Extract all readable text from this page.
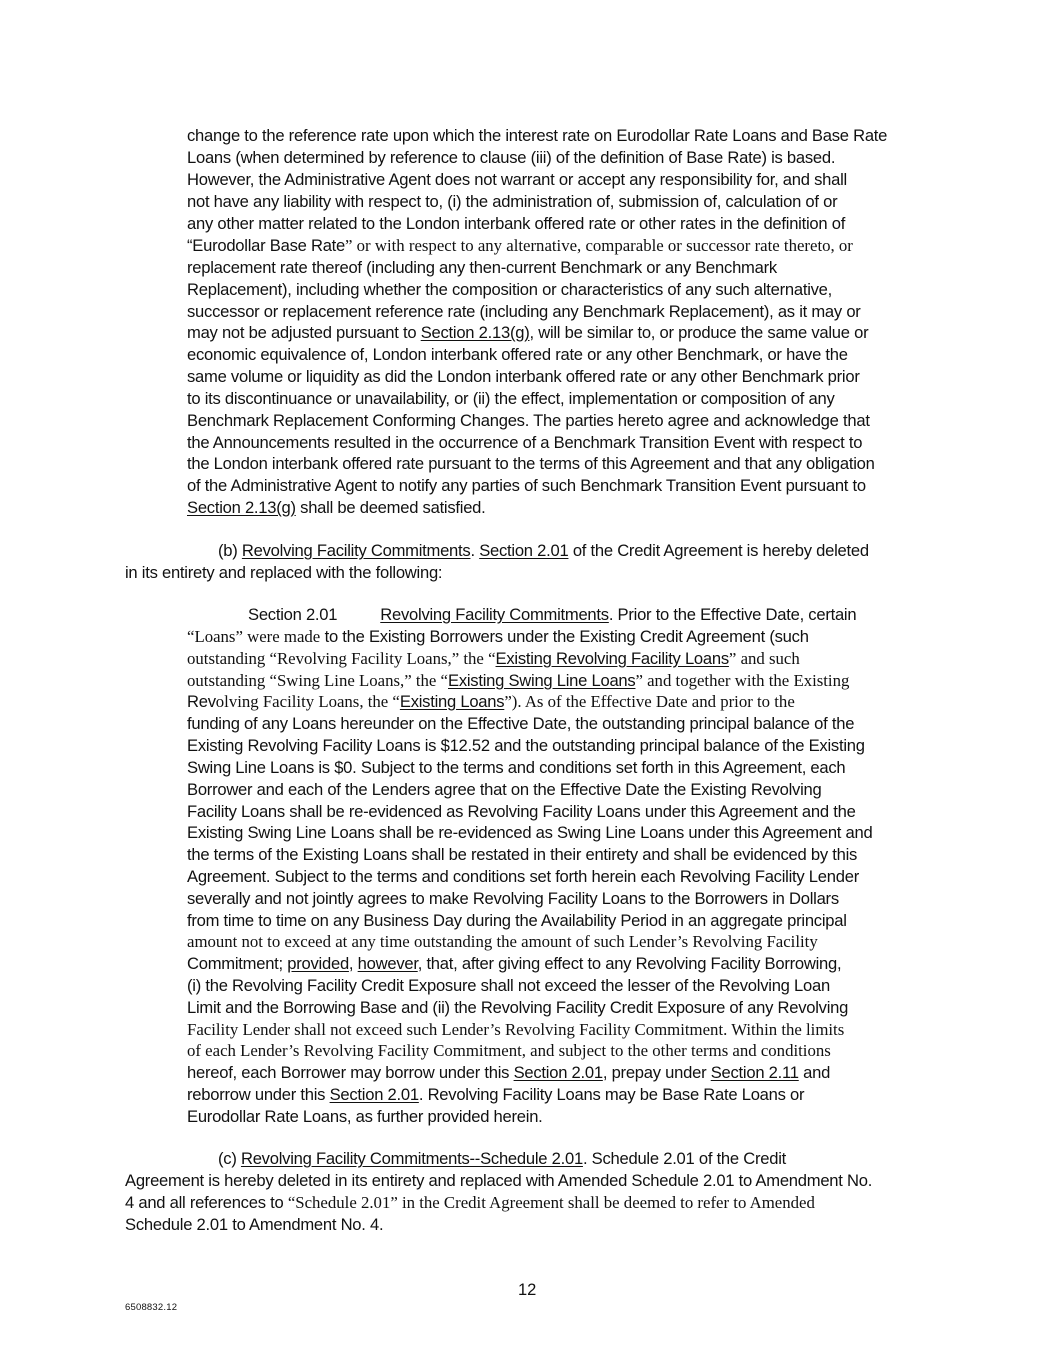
change to the reference rate upon which the interest rate on Eurodollar Rate Loans and Base Rate
Loans (when determined by reference to clause (iii) of the definition of Base Rate) is based.
However, the Administrative Agent does not warrant or accept any responsibility for, and shall
not have any liability with respect to, (i) the administration of, submission of, calculation of or
any other matter related to the London interbank offered rate or other rates in the definition of
“Eurodollar Base Rate” or with respect to any alternative, comparable or successor rate thereto, or
replacement rate thereof (including any then-current Benchmark or any Benchmark
Replacement), including whether the composition or characteristics of any such alternative,
successor or replacement reference rate (including any Benchmark Replacement), as it may or
may not be adjusted pursuant to Section 2.13(g), will be similar to, or produce the same value or
economic equivalence of, London interbank offered rate or any other Benchmark, or have the
same volume or liquidity as did the London interbank offered rate or any other Benchmark prior
to its discontinuance or unavailability, or (ii) the effect, implementation or composition of any
Benchmark Replacement Conforming Changes. The parties hereto agree and acknowledge that
the Announcements resulted in the occurrence of a Benchmark Transition Event with respect to
the London interbank offered rate pursuant to the terms of this Agreement and that any obligation
of the Administrative Agent to notify any parties of such Benchmark Transition Event pursuant to
Section 2.13(g) shall be deemed satisfied.
(b) Revolving Facility Commitments. Section 2.01 of the Credit Agreement is hereby deleted
in its entirety and replaced with the following:
Section 2.01	Revolving Facility Commitments. Prior to the Effective Date, certain
“Loans” were made to the Existing Borrowers under the Existing Credit Agreement (such
outstanding “Revolving Facility Loans,” the “Existing Revolving Facility Loans” and such
outstanding “Swing Line Loans,” the “Existing Swing Line Loans” and together with the Existing
Revolving Facility Loans, the “Existing Loans”). As of the Effective Date and prior to the
funding of any Loans hereunder on the Effective Date, the outstanding principal balance of the
Existing Revolving Facility Loans is $12.52 and the outstanding principal balance of the Existing
Swing Line Loans is $0. Subject to the terms and conditions set forth in this Agreement, each
Borrower and each of the Lenders agree that on the Effective Date the Existing Revolving
Facility Loans shall be re-evidenced as Revolving Facility Loans under this Agreement and the
Existing Swing Line Loans shall be re-evidenced as Swing Line Loans under this Agreement and
the terms of the Existing Loans shall be restated in their entirety and shall be evidenced by this
Agreement. Subject to the terms and conditions set forth herein each Revolving Facility Lender
severally and not jointly agrees to make Revolving Facility Loans to the Borrowers in Dollars
from time to time on any Business Day during the Availability Period in an aggregate principal
amount not to exceed at any time outstanding the amount of such Lender’s Revolving Facility
Commitment; provided, however, that, after giving effect to any Revolving Facility Borrowing,
(i) the Revolving Facility Credit Exposure shall not exceed the lesser of the Revolving Loan
Limit and the Borrowing Base and (ii) the Revolving Facility Credit Exposure of any Revolving
Facility Lender shall not exceed such Lender’s Revolving Facility Commitment. Within the limits
of each Lender’s Revolving Facility Commitment, and subject to the other terms and conditions
hereof, each Borrower may borrow under this Section 2.01, prepay under Section 2.11 and
reborrow under this Section 2.01. Revolving Facility Loans may be Base Rate Loans or
Eurodollar Rate Loans, as further provided herein.
(c) Revolving Facility Commitments--Schedule 2.01. Schedule 2.01 of the Credit
Agreement is hereby deleted in its entirety and replaced with Amended Schedule 2.01 to Amendment No.
4 and all references to “Schedule 2.01” in the Credit Agreement shall be deemed to refer to Amended
Schedule 2.01 to Amendment No. 4.
12
6508832.12
